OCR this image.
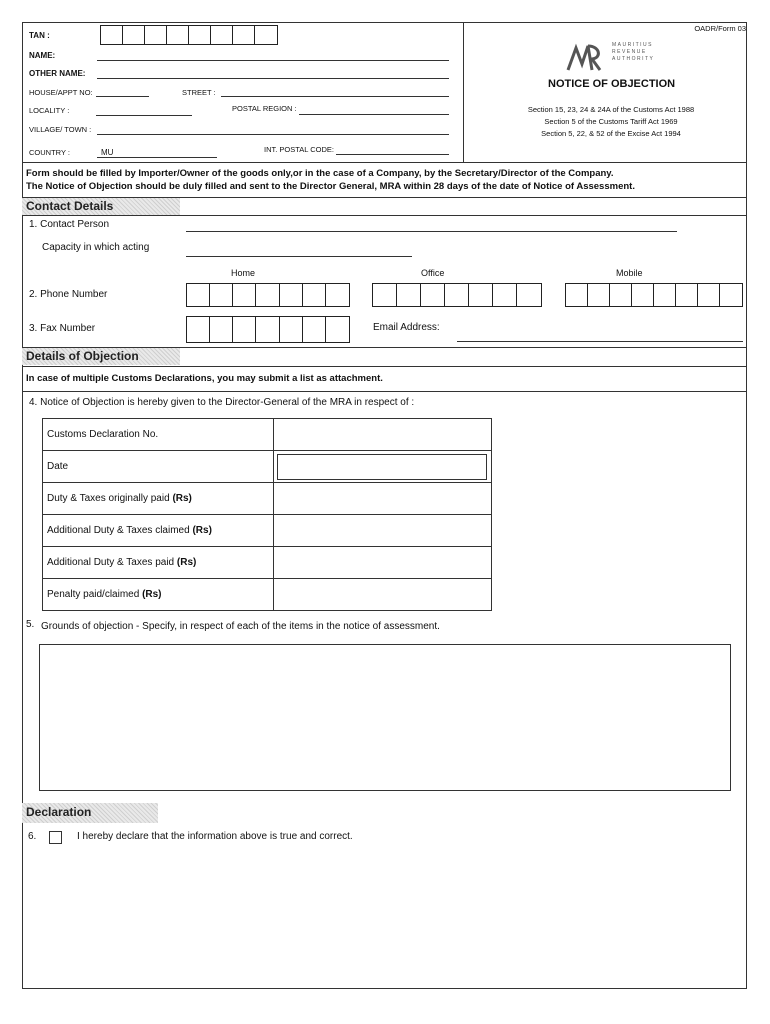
OADR/Form 03
TAN :
NAME:
OTHER NAME:
HOUSE/APPT NO:	STREET :
LOCALITY :	POSTAL REGION :
VILLAGE/ TOWN :
COUNTRY :	MU	INT. POSTAL CODE:
MAURITIUS
REVENUE
AUTHORITY
NOTICE OF OBJECTION
Section 15, 23, 24 & 24A of the Customs Act 1988
Section 5 of the Customs Tariff Act 1969
Section 5, 22, & 52 of the Excise Act 1994
Form should be filled by Importer/Owner of the goods only,or in the case of a Company, by the Secretary/Director of the Company.
The Notice of Objection should be duly filled and sent to the Director General, MRA within 28 days of the date of Notice of Assessment.
Contact Details
1. Contact Person
Capacity in which acting
Home	Office	Mobile
2. Phone Number
3. Fax Number	Email Address:
Details of Objection
In case of multiple Customs Declarations, you may submit a list as attachment.
4. Notice of Objection is hereby given to the Director-General of the MRA in respect of :
Customs Declaration No.	
Date	

Duty & Taxes originally paid (Rs)	
Additional Duty & Taxes claimed (Rs)	
Additional Duty & Taxes paid (Rs)	
Penalty paid/claimed (Rs)	
5. Grounds of objection - Specify, in respect of each of the items in the notice of assessment.
Declaration
6.	I hereby declare that the information above is true and correct.
